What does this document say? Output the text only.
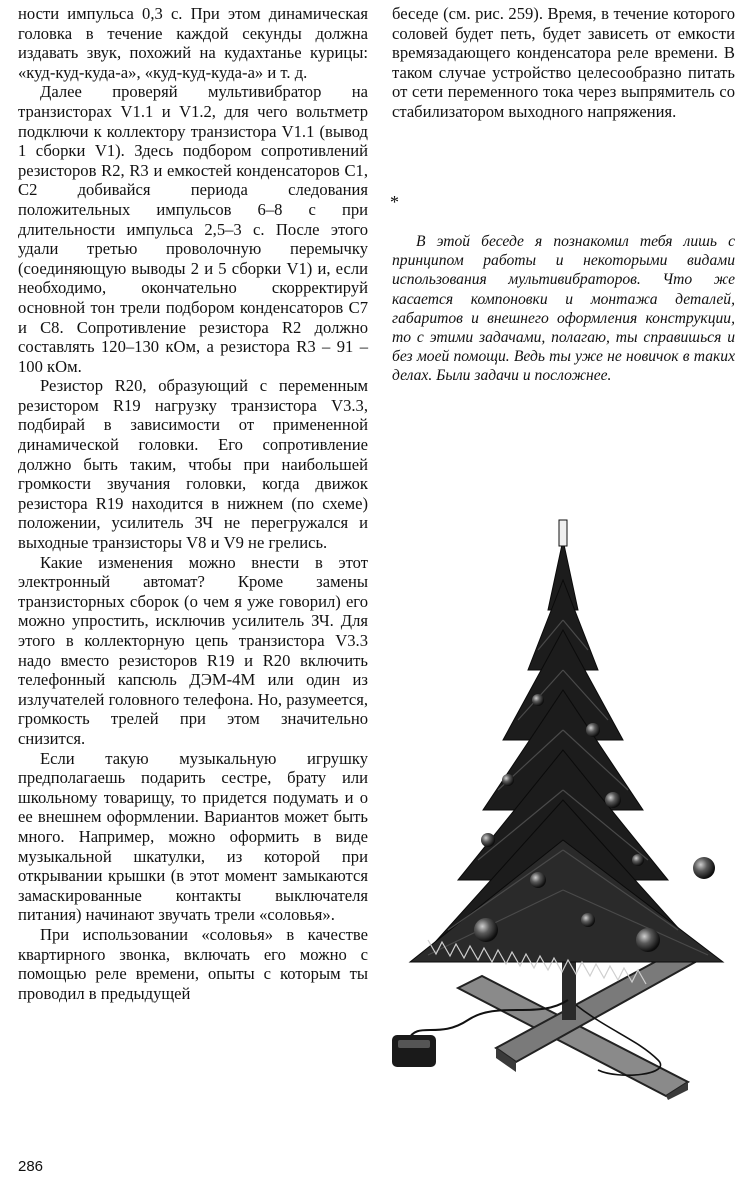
ности импульса 0,3 с. При этом динамическая головка в течение каждой секунды должна издавать звук, похожий на кудахтанье курицы: «куд-куд-куда-а», «куд-куд-куда-а» и т. д.

Далее проверяй мультивибратор на транзисторах V1.1 и V1.2, для чего вольтметр подключи к коллектору транзистора V1.1 (вывод 1 сборки V1). Здесь подбором сопротивлений резисторов R2, R3 и емкостей конденсаторов C1, C2 добивайся периода следования положительных импульсов 6–8 с при длительности импульса 2,5–3 с. После этого удали третью проволочную перемычку (соединяющую выводы 2 и 5 сборки V1) и, если необходимо, окончательно скорректируй основной тон трели подбором конденсаторов C7 и C8. Сопротивление резистора R2 должно составлять 120–130 кОм, а резистора R3 – 91 – 100 кОм.

Резистор R20, образующий с переменным резистором R19 нагрузку транзистора V3.3, подбирай в зависимости от примененной динамической головки. Его сопротивление должно быть таким, чтобы при наибольшей громкости звучания головки, когда движок резистора R19 находится в нижнем (по схеме) положении, усилитель ЗЧ не перегружался и выходные транзисторы V8 и V9 не грелись.

Какие изменения можно внести в этот электронный автомат? Кроме замены транзисторных сборок (о чем я уже говорил) его можно упростить, исключив усилитель ЗЧ. Для этого в коллекторную цепь транзистора V3.3 надо вместо резисторов R19 и R20 включить телефонный капсюль ДЭМ-4М или один из излучателей головного телефона. Но, разумеется, громкость трелей при этом значительно снизится.

Если такую музыкальную игрушку предполагаешь подарить сестре, брату или школьному товарищу, то придется подумать и о ее внешнем оформлении. Вариантов может быть много. Например, можно оформить в виде музыкальной шкатулки, из которой при открывании крышки (в этот момент замыкаются замаскированные контакты выключателя питания) начинают звучать трели «соловья».

При использовании «соловья» в качестве квартирного звонка, включать его можно с помощью реле времени, опыты с которым ты проводил в предыдущей

беседе (см. рис. 259). Время, в течение которого соловей будет петь, будет зависеть от емкости времязадающего конденсатора реле времени. В таком случае устройство целесообразно питать от сети переменного тока через выпрямитель со стабилизатором выходного напряжения.

*
В этой беседе я познакомил тебя лишь с принципом работы и некоторыми видами использования мультивибраторов. Что же касается компоновки и монтажа деталей, габаритов и внешнего оформления конструкции, то с этими задачами, полагаю, ты справишься и без моей помощи. Ведь ты уже не новичок в таких делах. Были задачи и посложнее.
286
